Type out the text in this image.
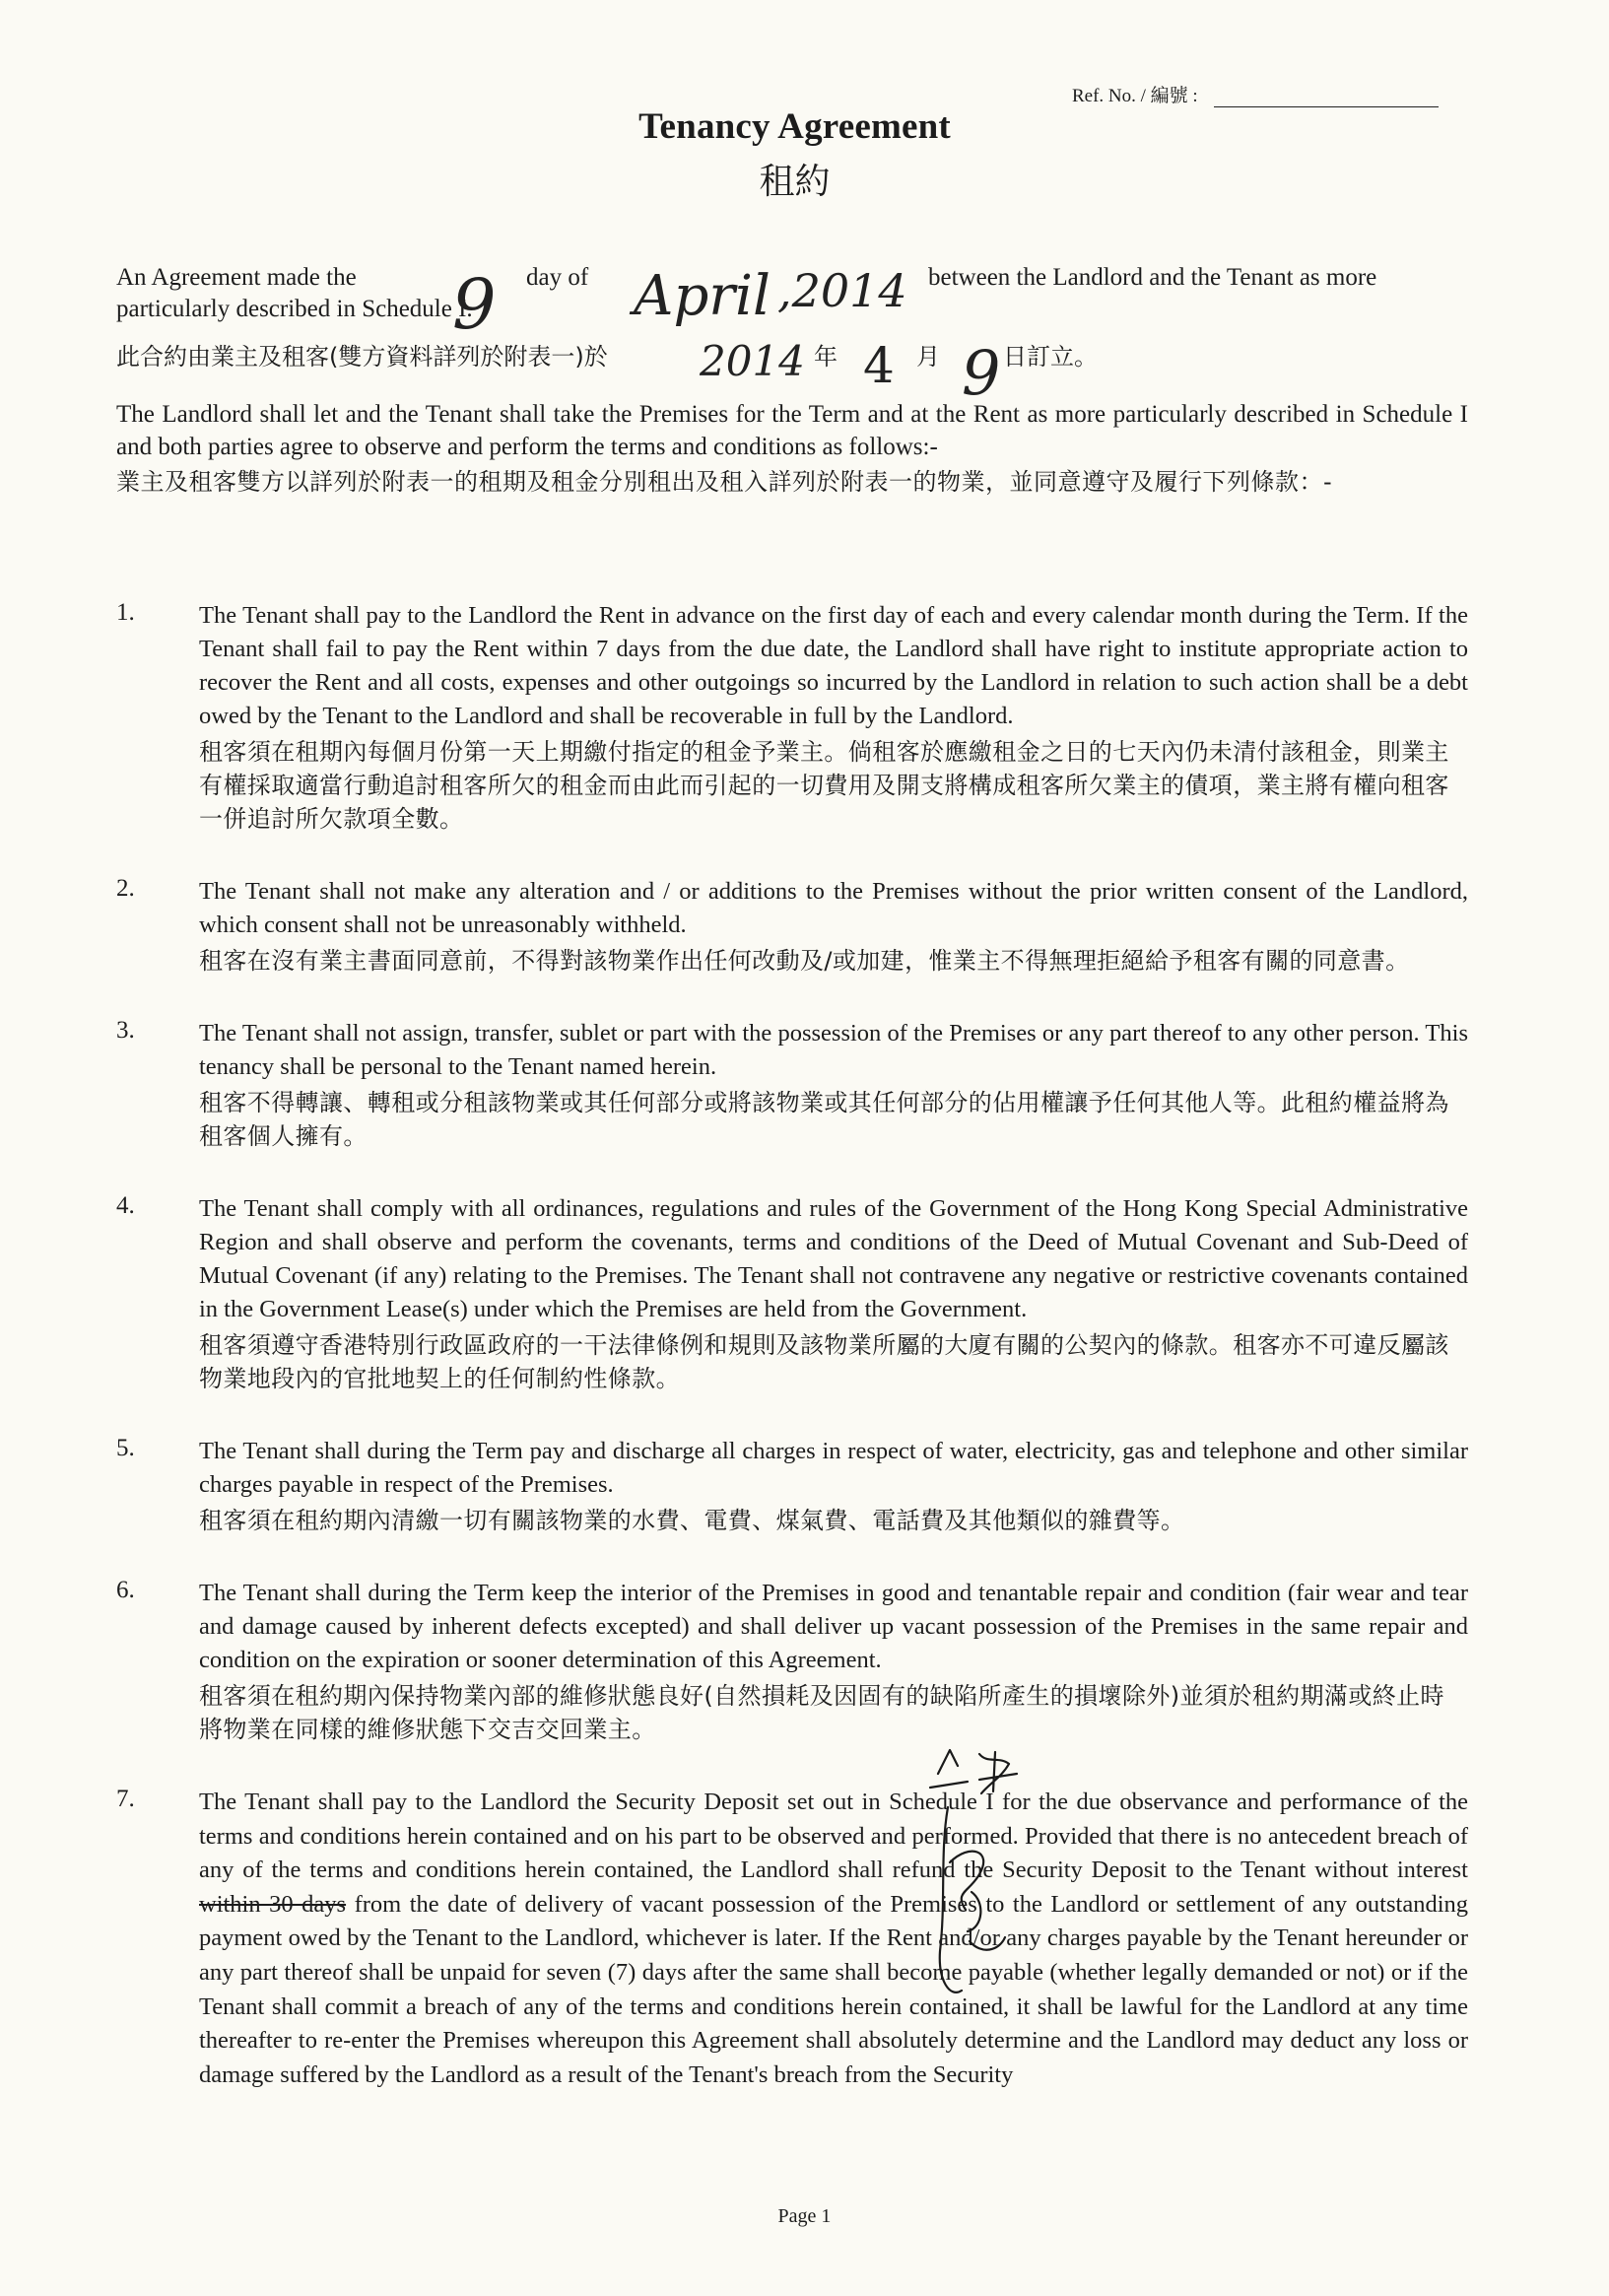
Ref. No. / 編號 :
Tenancy Agreement
租約
An Agreement made the 9 day of April ,2014 between the Landlord and the Tenant as more
particularly described in Schedule I.
此合約由業主及租客(雙方資料詳列於附表一)於 2014 年 4 月 9 日訂立。
The Landlord shall let and the Tenant shall take the Premises for the Term and at the Rent as more particularly described in Schedule I and both parties agree to observe and perform the terms and conditions as follows:-
業主及租客雙方以詳列於附表一的租期及租金分別租出及租入詳列於附表一的物業，並同意遵守及履行下列條款：-
1.	The Tenant shall pay to the Landlord the Rent in advance on the first day of each and every calendar month during the Term. If the Tenant shall fail to pay the Rent within 7 days from the due date, the Landlord shall have right to institute appropriate action to recover the Rent and all costs, expenses and other outgoings so incurred by the Landlord in relation to such action shall be a debt owed by the Tenant to the Landlord and shall be recoverable in full by the Landlord.
租客須在租期內每個月份第一天上期繳付指定的租金予業主。倘租客於應繳租金之日的七天內仍未清付該租金，則業主有權採取適當行動追討租客所欠的租金而由此而引起的一切費用及開支將構成租客所欠業主的債項，業主將有權向租客一併追討所欠款項全數。
2.	The Tenant shall not make any alteration and / or additions to the Premises without the prior written consent of the Landlord, which consent shall not be unreasonably withheld.
租客在沒有業主書面同意前，不得對該物業作出任何改動及/或加建，惟業主不得無理拒絕給予租客有關的同意書。
3.	The Tenant shall not assign, transfer, sublet or part with the possession of the Premises or any part thereof to any other person. This tenancy shall be personal to the Tenant named herein.
租客不得轉讓、轉租或分租該物業或其任何部分或將該物業或其任何部分的佔用權讓予任何其他人等。此租約權益將為租客個人擁有。
4.	The Tenant shall comply with all ordinances, regulations and rules of the Government of the Hong Kong Special Administrative Region and shall observe and perform the covenants, terms and conditions of the Deed of Mutual Covenant and Sub-Deed of Mutual Covenant (if any) relating to the Premises. The Tenant shall not contravene any negative or restrictive covenants contained in the Government Lease(s) under which the Premises are held from the Government.
租客須遵守香港特別行政區政府的一干法律條例和規則及該物業所屬的大廈有關的公契內的條款。租客亦不可違反屬該物業地段內的官批地契上的任何制約性條款。
5.	The Tenant shall during the Term pay and discharge all charges in respect of water, electricity, gas and telephone and other similar charges payable in respect of the Premises.
租客須在租約期內清繳一切有關該物業的水費、電費、煤氣費、電話費及其他類似的雜費等。
6.	The Tenant shall during the Term keep the interior of the Premises in good and tenantable repair and condition (fair wear and tear and damage caused by inherent defects excepted) and shall deliver up vacant possession of the Premises in the same repair and condition on the expiration or sooner determination of this Agreement.
租客須在租約期內保持物業內部的維修狀態良好(自然損耗及因固有的缺陷所產生的損壞除外)並須於租約期滿或終止時將物業在同樣的維修狀態下交吉交回業主。
7.	The Tenant shall pay to the Landlord the Security Deposit set out in Schedule I for the due observance and performance of the terms and conditions herein contained and on his part to be observed and performed. Provided that there is no antecedent breach of any of the terms and conditions herein contained, the Landlord shall refund the Security Deposit to the Tenant without interest within 30 days from the date of delivery of vacant possession of the Premises to the Landlord or settlement of any outstanding payment owed by the Tenant to the Landlord, whichever is later. If the Rent and/or any charges payable by the Tenant hereunder or any part thereof shall be unpaid for seven (7) days after the same shall become payable (whether legally demanded or not) or if the Tenant shall commit a breach of any of the terms and conditions herein contained, it shall be lawful for the Landlord at any time thereafter to re-enter the Premises whereupon this Agreement shall absolutely determine and the Landlord may deduct any loss or damage suffered by the Landlord as a result of the Tenant's breach from the Security
Page 1
